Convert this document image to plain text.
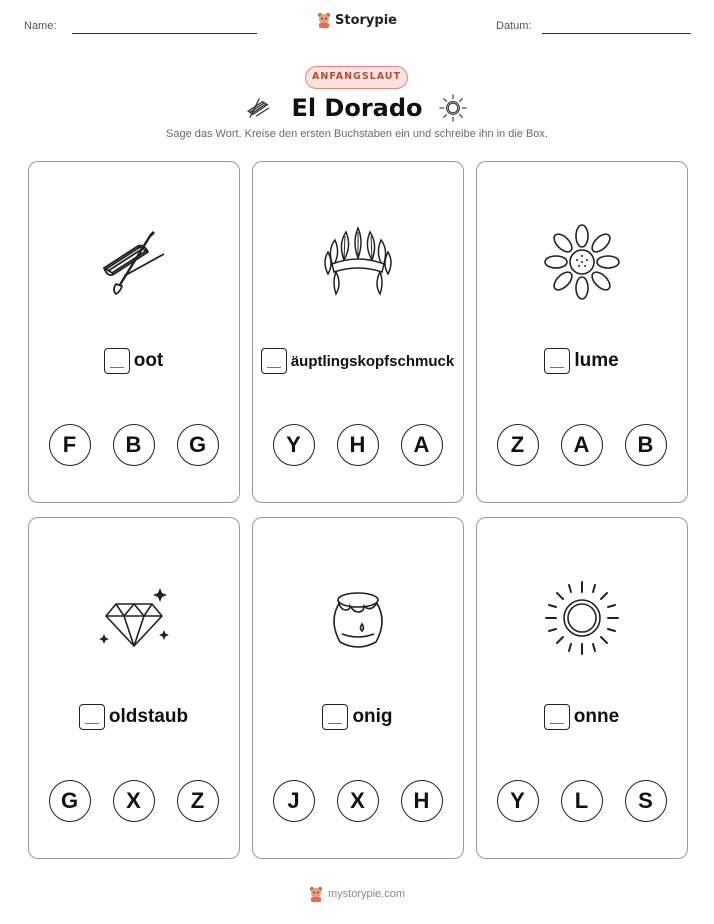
Name:	Storypie	Datum:
ANFANGSLAUT
El Dorado
Sage das Wort. Kreise den ersten Buchstaben ein und schreibe ihn in die Box.
oot
F	B	G
äuptlingskopfschmuck
Y	H	A
lume
Z	A	B
oldstaub
G	X	Z
onig
J	X	H
onne
Y	L	S
mystorypie.com
